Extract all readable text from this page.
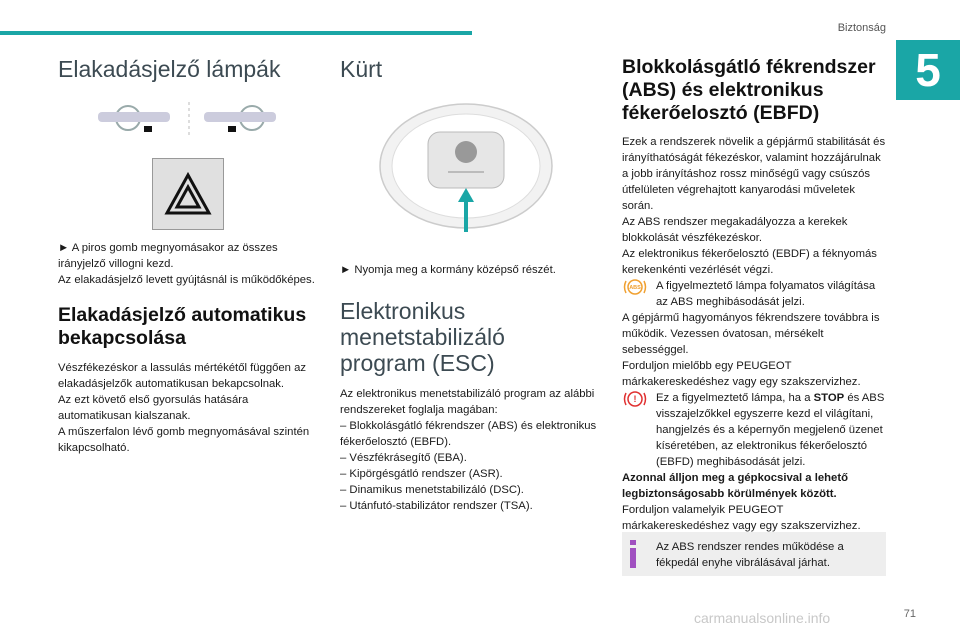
Biztonság
5
Elakadásjelző lámpák

► A piros gomb megnyomásakor az összes irányjelző villogni kezd.

Az elakadásjelző levett gyújtásnál is működőképes.

Elakadásjelző automatikus bekapcsolása

Vészfékezéskor a lassulás mértékétől függően az elakadásjelzők automatikusan bekapcsolnak.

Az ezt követő első gyorsulás hatására automatikusan kialszanak.

A műszerfalon lévő gomb megnyomásával szintén kikapcsolható.

Kürt

► Nyomja meg a kormány középső részét.

Elektronikus menetstabilizáló program (ESC)

Az elektronikus menetstabilizáló program az alábbi rendszereket foglalja magában:

– Blokkolásgátló fékrendszer (ABS) és elektronikus fékerőelosztó (EBFD).

– Vészfékrásegítő (EBA).

– Kipörgésgátló rendszer (ASR).

– Dinamikus menetstabilizáló (DSC).

– Utánfutó-stabilizátor rendszer (TSA).

Blokkolásgátló fékrendszer (ABS) és elektronikus fékerőelosztó (EBFD)

Ezek a rendszerek növelik a gépjármű stabilitását és irányíthatóságát fékezéskor, valamint hozzájárulnak a jobb irányításhoz rossz minőségű vagy csúszós útfelületen végrehajtott kanyarodási műveletek során.

Az ABS rendszer megakadályozza a kerekek blokkolását vészfékezéskor.

Az elektronikus fékerőelosztó (EBDF) a féknyomás kerekenkénti vezérlését végzi.

ABS A figyelmeztető lámpa folyamatos világítása az ABS meghibásodását jelzi.

A gépjármű hagyományos fékrendszere továbbra is működik. Vezessen óvatosan, mérsékelt sebességgel.

Forduljon mielőbb egy PEUGEOT márkakereskedéshez vagy egy szakszervizhez.

! Ez a figyelmeztető lámpa, ha a STOP és ABS visszajelzőkkel egyszerre kezd el világítani, hangjelzés és a képernyőn megjelenő üzenet kíséretében, az elektronikus fékerőelosztó (EBFD) meghibásodását jelzi.

Azonnal álljon meg a gépkocsival a lehető legbiztonságosabb körülmények között.

Forduljon valamelyik PEUGEOT márkakereskedéshez vagy egy szakszervizhez.

Az ABS rendszer rendes működése a fékpedál enyhe vibrálásával járhat.

71
carmanualsonline.info
